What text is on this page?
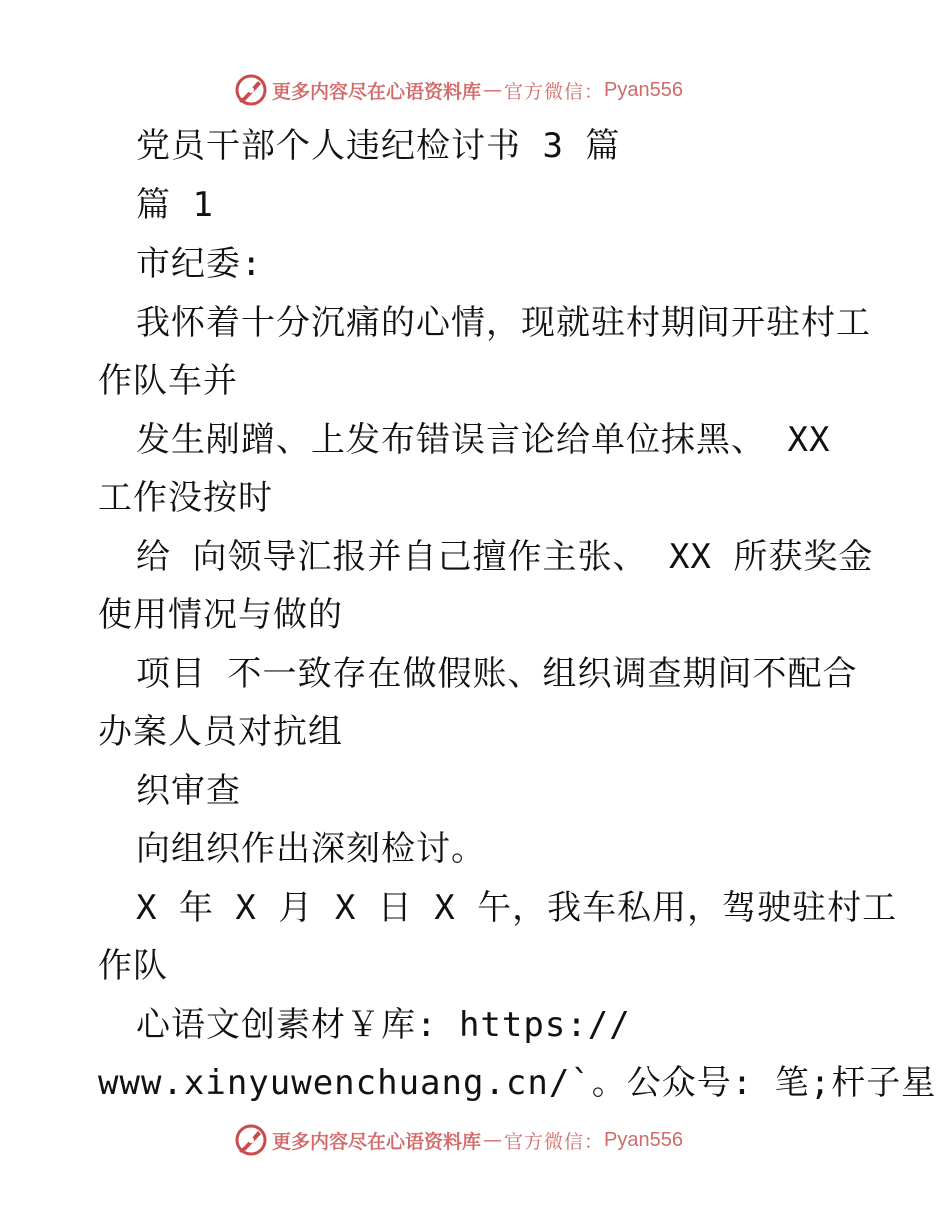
更多内容尽在心语资料库 — 官方微信： Pyan556
党员干部个人违纪检讨书 3 篇
篇 1
市纪委:
我怀着十分沉痛的心情，现就驻村期间开驻村工
作队车并
发生剐蹭、上发布错误言论给单位抹黑、 XX
工作没按时
给 向领导汇报并自己擅作主张、 XX 所获奖金
使用情况与做的
项目 不一致存在做假账、组织调查期间不配合
办案人员对抗组
织审查
向组织作出深刻检讨。
X 年 X 月 X 日 X 午，我车私用，驾驶驻村工
作队
心语文创素材￥库: https://
www.xinyuwenchuang.cn/`。公众号: 笔;杆子星
更多内容尽在心语资料库 — 官方微信： Pyan556
